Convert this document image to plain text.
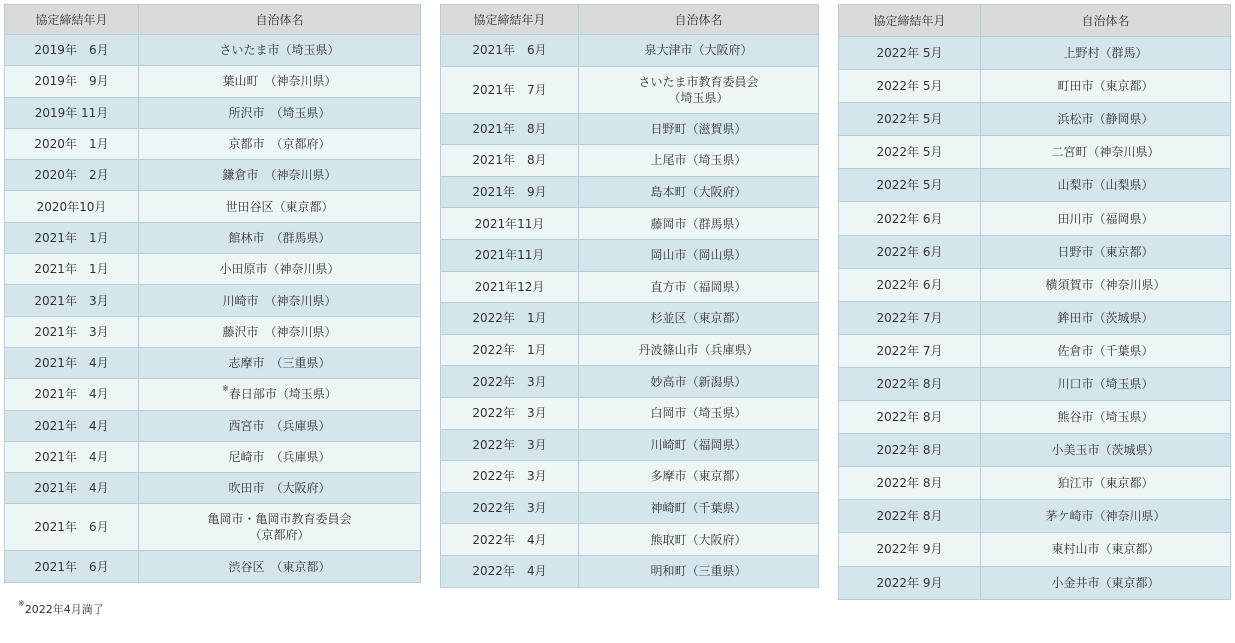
協定締結年月	自治体名
2019年　6月	さいたま市（埼玉県）
2019年　9月	葉山町　（神奈川県）
2019年 11月	所沢市　（埼玉県）
2020年　1月	京都市　（京都府）
2020年　2月	鎌倉市　（神奈川県）
2020年10月	世田谷区（東京都）
2021年　1月	館林市　（群馬県）
2021年　1月	小田原市（神奈川県）
2021年　3月	川崎市　（神奈川県）
2021年　3月	藤沢市　（神奈川県）
2021年　4月	志摩市　（三重県）
2021年　4月	※春日部市（埼玉県）
2021年　4月	西宮市　（兵庫県）
2021年　4月	尼崎市　（兵庫県）
2021年　4月	吹田市　（大阪府）
2021年　6月	亀岡市・亀岡市教育委員会
（京都府）
2021年　6月	渋谷区　（東京都）
協定締結年月	自治体名
2021年　6月	泉大津市（大阪府）
2021年　7月	さいたま市教育委員会
（埼玉県）
2021年　8月	日野町（滋賀県）
2021年　8月	上尾市（埼玉県）
2021年　9月	島本町（大阪府）
2021年11月	藤岡市（群馬県）
2021年11月	岡山市（岡山県）
2021年12月	直方市（福岡県）
2022年　1月	杉並区（東京都）
2022年　1月	丹波篠山市（兵庫県）
2022年　3月	妙高市（新潟県）
2022年　3月	白岡市（埼玉県）
2022年　3月	川崎町（福岡県）
2022年　3月	多摩市（東京都）
2022年　3月	神崎町（千葉県）
2022年　4月	熊取町（大阪府）
2022年　4月	明和町（三重県）
協定締結年月	自治体名
2022年 5月	上野村（群馬）
2022年 5月	町田市（東京都）
2022年 5月	浜松市（静岡県）
2022年 5月	二宮町（神奈川県）
2022年 5月	山梨市（山梨県）
2022年 6月	田川市（福岡県）
2022年 6月	日野市（東京都）
2022年 6月	横須賀市（神奈川県）
2022年 7月	鉾田市（茨城県）
2022年 7月	佐倉市（千葉県）
2022年 8月	川口市（埼玉県）
2022年 8月	熊谷市（埼玉県）
2022年 8月	小美玉市（茨城県）
2022年 8月	狛江市（東京都）
2022年 8月	茅ケ崎市（神奈川県）
2022年 9月	東村山市（東京都）
2022年 9月	小金井市（東京都）
※2022年4月満了
